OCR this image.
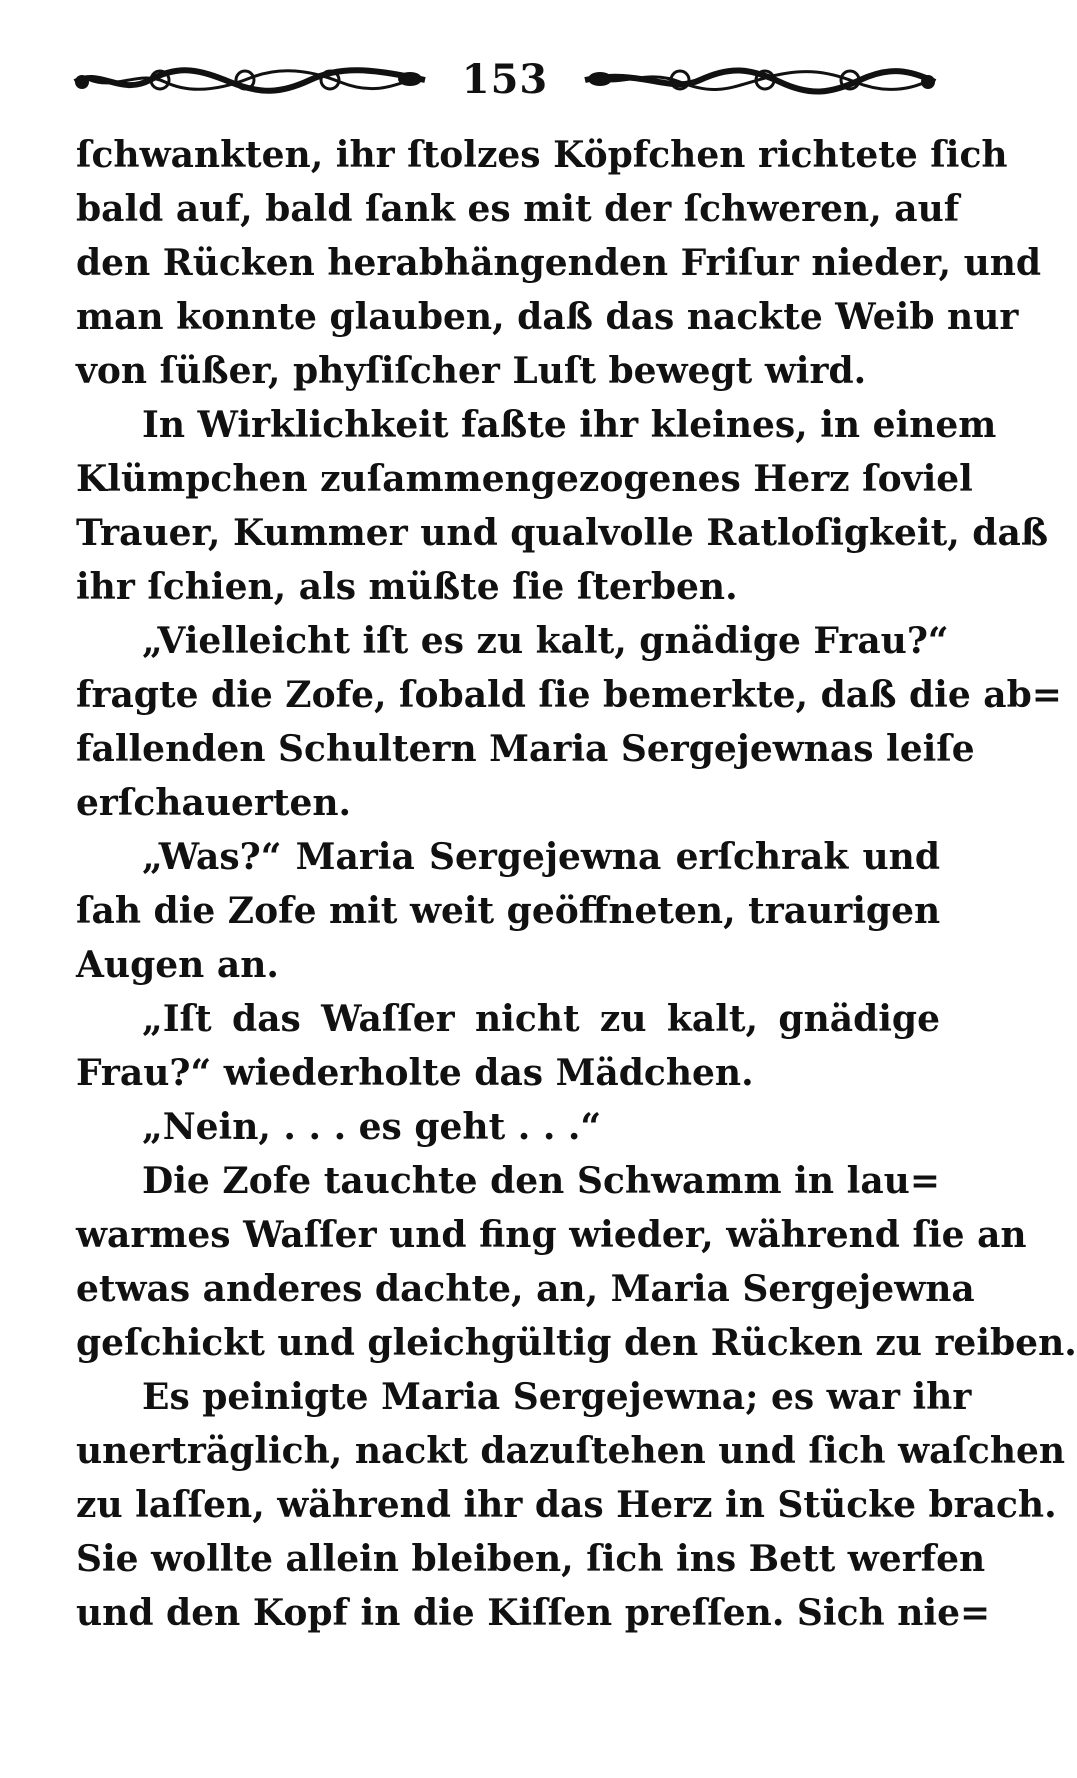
153
ſchwankten, ihr ſtolzes Köpfchen richtete ſich
bald auf, bald ſank es mit der ſchweren, auf
den Rücken herabhängenden Friſur nieder, und
man konnte glauben, daß das nackte Weib nur
von ſüßer, phyſiſcher Luſt bewegt wird.
In Wirklichkeit faßte ihr kleines, in einem
Klümpchen zuſammengezogenes Herz ſoviel
Trauer, Kummer und qualvolle Ratloſigkeit, daß
ihr ſchien, als müßte ſie ſterben.
„Vielleicht iſt es zu kalt, gnädige Frau?“
fragte die Zofe, ſobald ſie bemerkte, daß die ab=
fallenden Schultern Maria Sergejewnas leiſe
erſchauerten.
„Was?“ Maria Sergejewna erſchrak und
ſah die Zofe mit weit geöffneten, traurigen
Augen an.
„Iſt das Waſſer nicht zu kalt, gnädige
Frau?“ wiederholte das Mädchen.
„Nein, . . . es geht . . .“
Die Zofe tauchte den Schwamm in lau=
warmes Waſſer und fing wieder, während ſie an
etwas anderes dachte, an, Maria Sergejewna
geſchickt und gleichgültig den Rücken zu reiben.
Es peinigte Maria Sergejewna; es war ihr
unerträglich, nackt dazuſtehen und ſich waſchen
zu laſſen, während ihr das Herz in Stücke brach.
Sie wollte allein bleiben, ſich ins Bett werfen
und den Kopf in die Kiſſen preſſen. Sich nie=
